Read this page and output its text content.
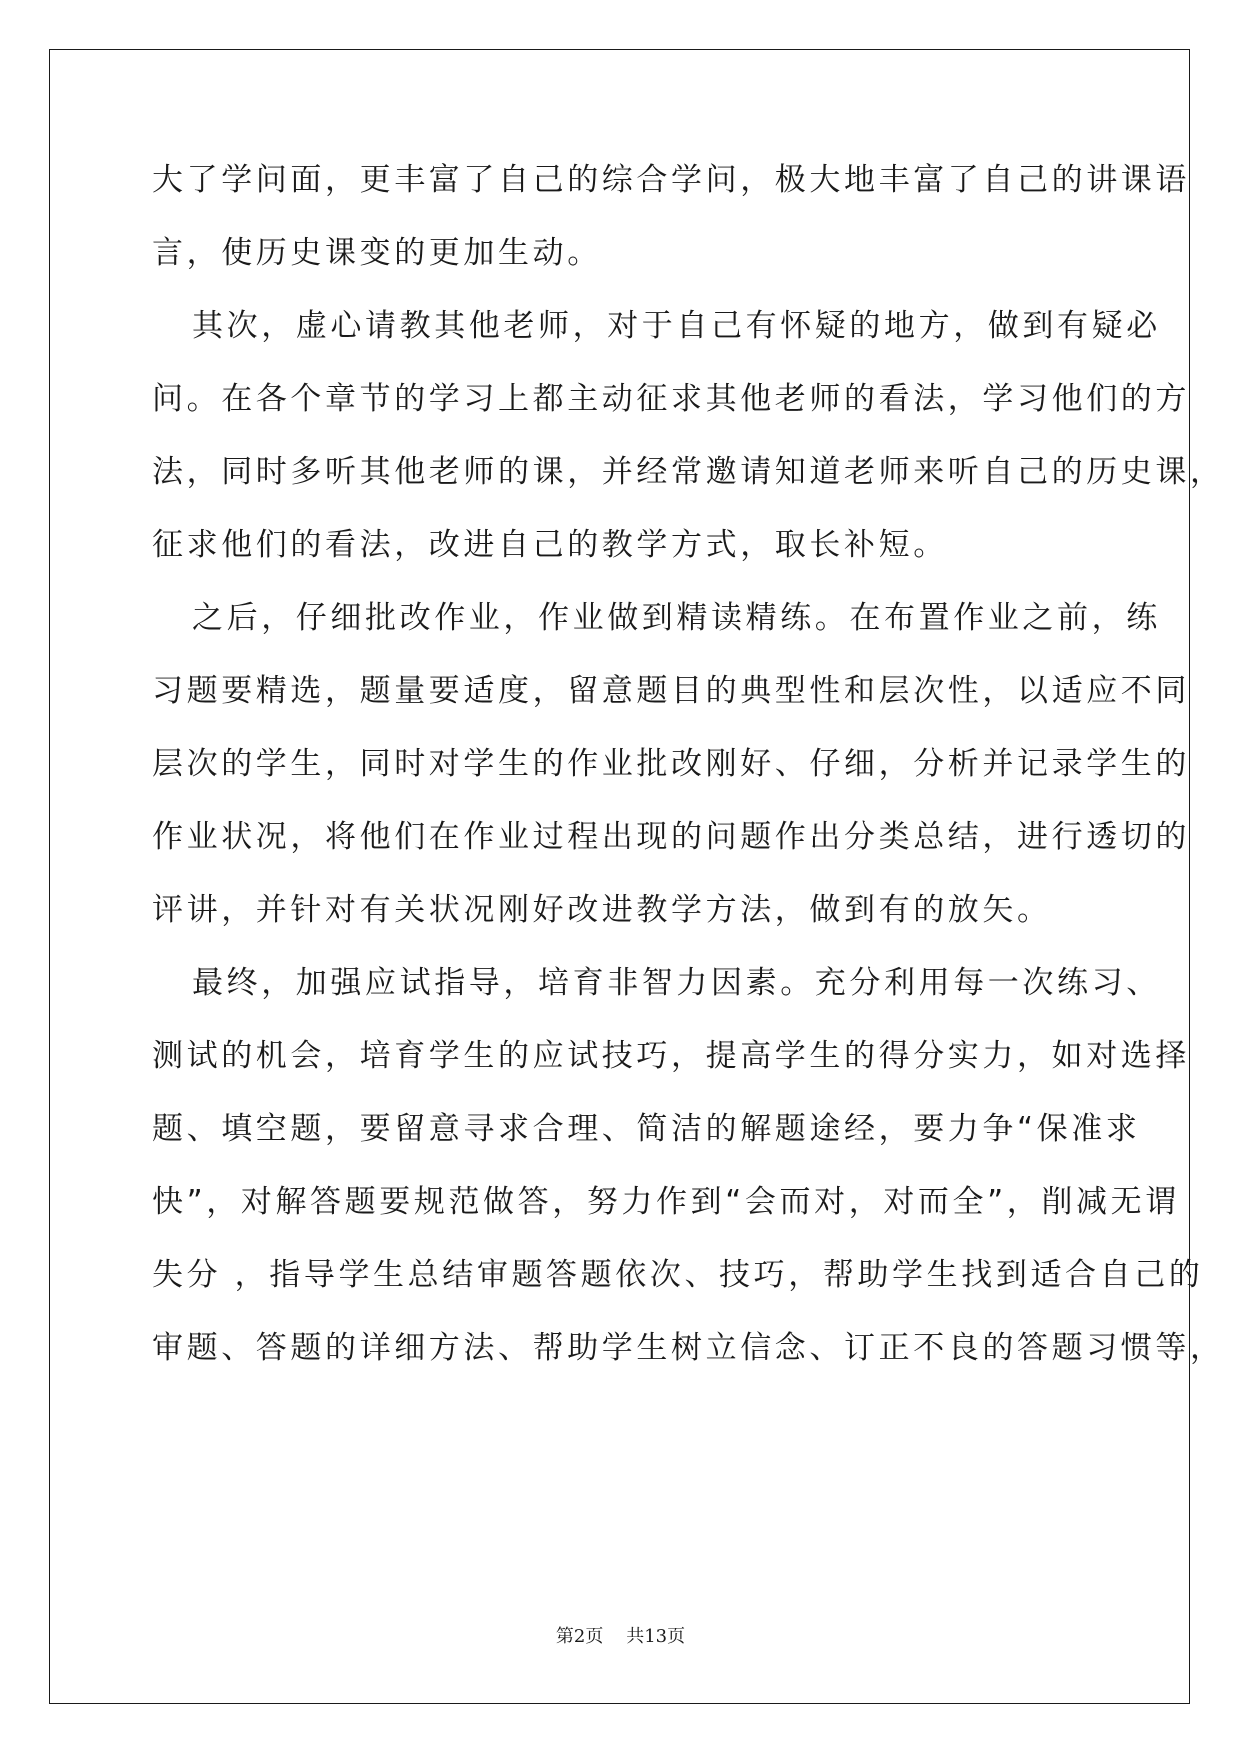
大了学问面，更丰富了自己的综合学问，极大地丰富了自己的讲课语
言，使历史课变的更加生动。
其次，虚心请教其他老师，对于自己有怀疑的地方，做到有疑必
问。在各个章节的学习上都主动征求其他老师的看法，学习他们的方
法，同时多听其他老师的课，并经常邀请知道老师来听自己的历史课，
征求他们的看法，改进自己的教学方式，取长补短。
之后，仔细批改作业，作业做到精读精练。在布置作业之前，练
习题要精选，题量要适度，留意题目的典型性和层次性，以适应不同
层次的学生，同时对学生的作业批改刚好、仔细，分析并记录学生的
作业状况，将他们在作业过程出现的问题作出分类总结，进行透切的
评讲，并针对有关状况刚好改进教学方法，做到有的放矢。
最终，加强应试指导，培育非智力因素。充分利用每一次练习、
测试的机会，培育学生的应试技巧，提高学生的得分实力，如对选择
题、填空题，要留意寻求合理、简洁的解题途经，要力争“保准求
快”，对解答题要规范做答，努力作到“会而对，对而全”，削减无谓
失分 ，指导学生总结审题答题依次、技巧，帮助学生找到适合自己的
审题、答题的详细方法、帮助学生树立信念、订正不良的答题习惯等，
第2页 共13页
